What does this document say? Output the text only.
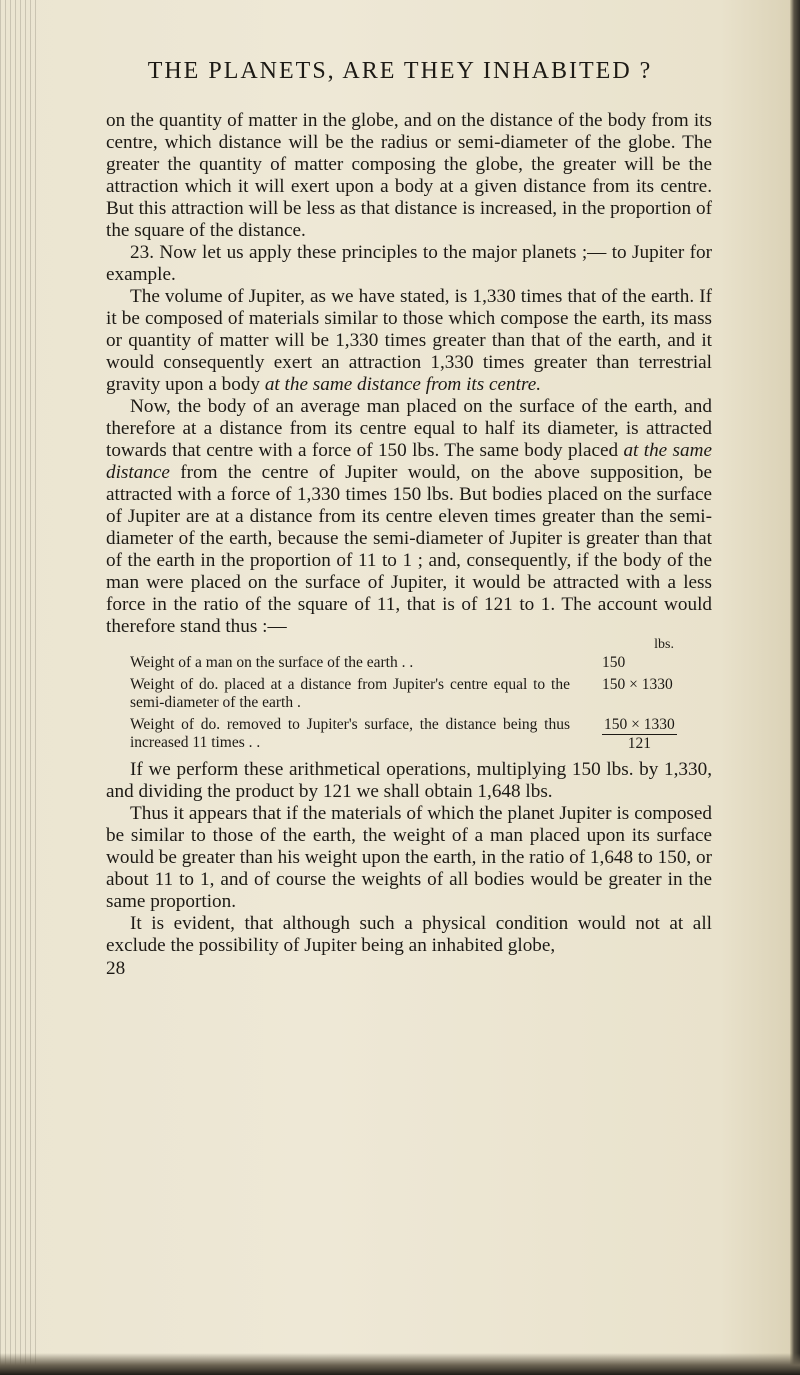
THE PLANETS, ARE THEY INHABITED ?

on the quantity of matter in the globe, and on the distance of the body from its centre, which distance will be the radius or semi-diameter of the globe. The greater the quantity of matter composing the globe, the greater will be the attraction which it will exert upon a body at a given distance from its centre. But this attraction will be less as that distance is increased, in the proportion of the square of the distance.

23. Now let us apply these principles to the major planets ;— to Jupiter for example.

The volume of Jupiter, as we have stated, is 1,330 times that of the earth. If it be composed of materials similar to those which compose the earth, its mass or quantity of matter will be 1,330 times greater than that of the earth, and it would consequently exert an attraction 1,330 times greater than terrestrial gravity upon a body at the same distance from its centre.

Now, the body of an average man placed on the surface of the earth, and therefore at a distance from its centre equal to half its diameter, is attracted towards that centre with a force of 150 lbs. The same body placed at the same distance from the centre of Jupiter would, on the above supposition, be attracted with a force of 1,330 times 150 lbs. But bodies placed on the surface of Jupiter are at a distance from its centre eleven times greater than the semi-diameter of the earth, because the semi-diameter of Jupiter is greater than that of the earth in the proportion of 11 to 1 ; and, consequently, if the body of the man were placed on the surface of Jupiter, it would be attracted with a less force in the ratio of the square of 11, that is of 121 to 1. The account would therefore stand thus :—

lbs.
Weight of a man on the surface of the earth . .	150
Weight of do. placed at a distance from Jupiter's centre equal to the semi-diameter of the earth .
150 × 1330
Weight of do. removed to Jupiter's surface, the distance being thus increased 11 times . .	$\frac{150 \times 1330}{121}$

If we perform these arithmetical operations, multiplying 150 lbs. by 1,330, and dividing the product by 121 we shall obtain 1,648 lbs.

Thus it appears that if the materials of which the planet Jupiter is composed be similar to those of the earth, the weight of a man placed upon its surface would be greater than his weight upon the earth, in the ratio of 1,648 to 150, or about 11 to 1, and of course the weights of all bodies would be greater in the same proportion.

It is evident, that although such a physical condition would not at all exclude the possibility of Jupiter being an inhabited globe,

28
